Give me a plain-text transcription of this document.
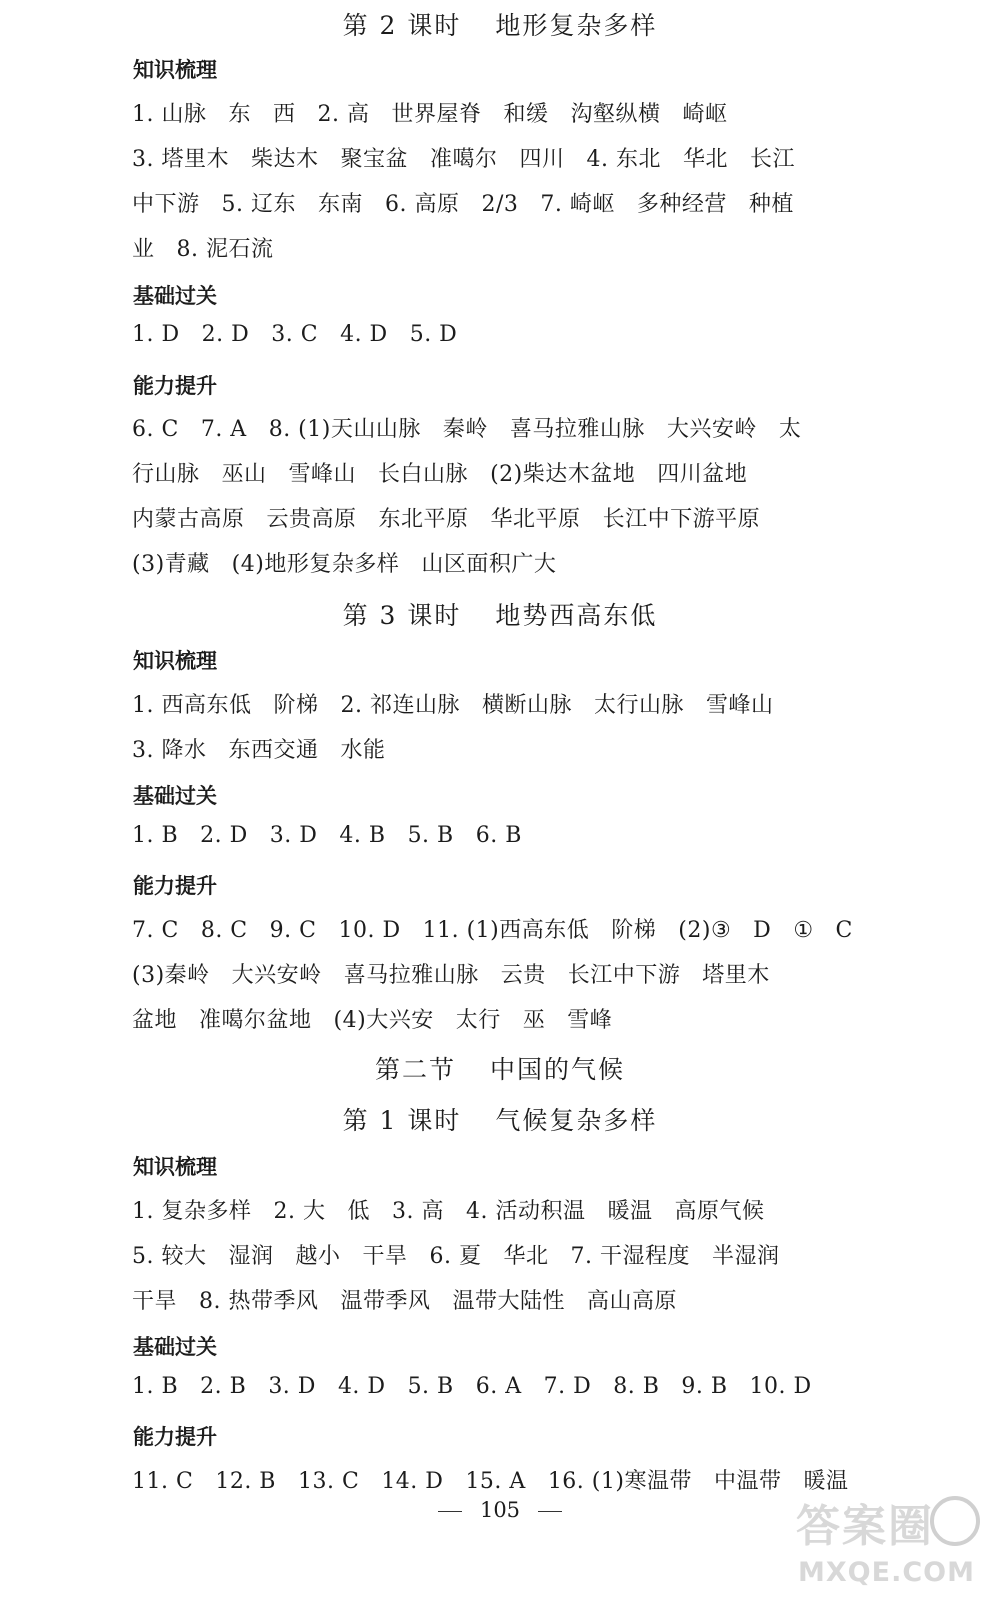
第 2 课时 地形复杂多样
知识梳理
1. 山脉 东 西 2. 高 世界屋脊 和缓 沟壑纵横 崎岖
3. 塔里木 柴达木 聚宝盆 准噶尔 四川 4. 东北 华北 长江
中下游 5. 辽东 东南 6. 高原 2/3 7. 崎岖 多种经营 种植
业 8. 泥石流
基础过关
1. D 2. D 3. C 4. D 5. D
能力提升
6. C 7. A 8. (1)天山山脉 秦岭 喜马拉雅山脉 大兴安岭 太
行山脉 巫山 雪峰山 长白山脉 (2)柴达木盆地 四川盆地
内蒙古高原 云贵高原 东北平原 华北平原 长江中下游平原
(3)青藏 (4)地形复杂多样 山区面积广大
第 3 课时 地势西高东低
知识梳理
1. 西高东低 阶梯 2. 祁连山脉 横断山脉 太行山脉 雪峰山
3. 降水 东西交通 水能
基础过关
1. B 2. D 3. D 4. B 5. B 6. B
能力提升
7. C 8. C 9. C 10. D 11. (1)西高东低 阶梯 (2)③ D ① C
(3)秦岭 大兴安岭 喜马拉雅山脉 云贵 长江中下游 塔里木
盆地 准噶尔盆地 (4)大兴安 太行 巫 雪峰
第二节 中国的气候
第 1 课时 气候复杂多样
知识梳理
1. 复杂多样 2. 大 低 3. 高 4. 活动积温 暖温 高原气候
5. 较大 湿润 越小 干旱 6. 夏 华北 7. 干湿程度 半湿润
干旱 8. 热带季风 温带季风 温带大陆性 高山高原
基础过关
1. B 2. B 3. D 4. D 5. B 6. A 7. D 8. B 9. B 10. D
能力提升
11. C 12. B 13. C 14. D 15. A 16. (1)寒温带 中温带 暖温
105	答案圈
MXQE.COM
